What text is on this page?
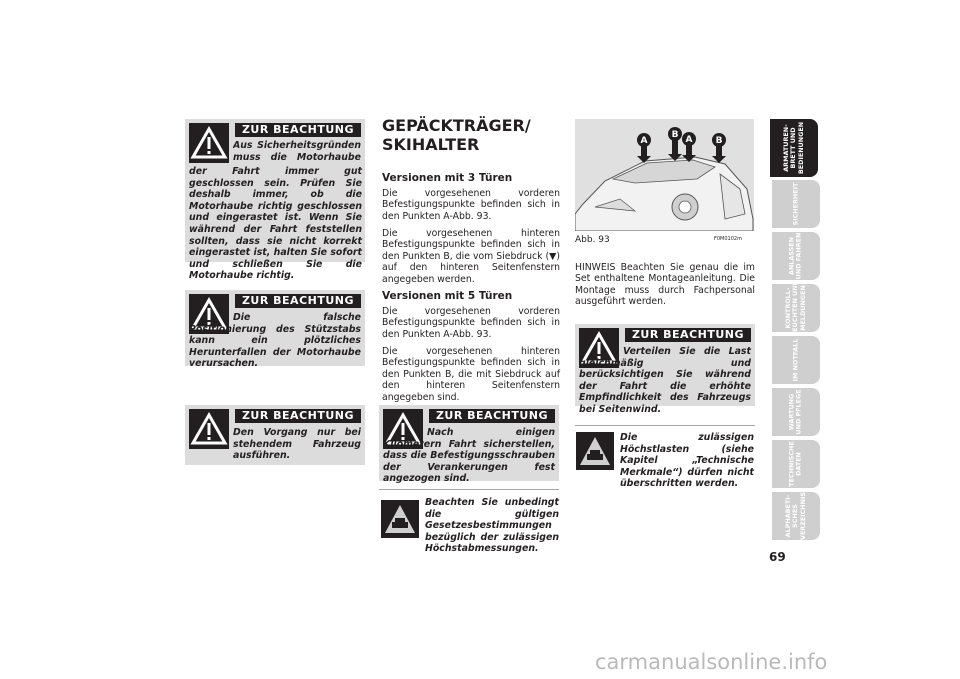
ZUR BEACHTUNG

Aus Sicherheitsgründen muss die Motorhaube

der Fahrt immer gut geschlossen sein. Prüfen Sie deshalb immer, ob die Motorhaube richtig geschlossen und eingerastet ist. Wenn Sie während der Fahrt feststellen sollten, dass sie nicht korrekt eingerastet ist, halten Sie sofort und schließen Sie die Motorhaube richtig.

ZUR BEACHTUNG

Die falsche Positionierung des Stützstabs kann ein plötzliches Herunterfallen der Motorhaube verursachen.

ZUR BEACHTUNG

Den Vorgang nur bei stehendem Fahrzeug ausführen.

GEPÄCKTRÄGER/
SKIHALTER

Versionen mit 3 Türen

Die vorgesehenen vorderen Befestigungspunkte befinden sich in den Punkten A-Abb. 93.

Die vorgesehenen hinteren Befestigungspunkte befinden sich in den Punkten B, die vom Siebdruck (▼) auf den hinteren Seitenfenstern angegeben werden.

Versionen mit 5 Türen

Die vorgesehenen vorderen Befestigungspunkte befinden sich in den Punkten A-Abb. 93.

Die vorgesehenen hinteren Befestigungspunkte befinden sich in den Punkten B, die mit Siebdruck auf den hinteren Seitenfenstern angegeben sind.

ZUR BEACHTUNG

Nach einigen Kilometern Fahrt sicherstellen, dass die Befestigungsschrauben der Verankerungen fest angezogen sind.

Beachten Sie unbedingt die gültigen Gesetzesbestimmungen bezüglich der zulässigen Höchstabmessungen.

A
B A	B

Abb. 93	F0M0102m

HINWEIS Beachten Sie genau die im Set enthaltene Montageanleitung. Die Montage muss durch Fachpersonal ausgeführt werden.

ZUR BEACHTUNG

Verteilen Sie die Last gleichmäßig und berücksichtigen Sie während der Fahrt die erhöhte Empfindlichkeit des Fahrzeugs bei Seitenwind.

Die zulässigen Höchstlasten (siehe Kapitel „Technische Merkmale“) dürfen nicht überschritten werden.

ARMATUREN-
BRETT UND
BEDIENUNGEN
SICHERHEIT
ANLASSEN
UND FAHREN
KONTROLL-
LEUCHTEN UND
MELDUNGEN
IM NOTFALL
WARTUNG
UND PFLEGE
TECHNISCHE
DATEN
ALPHABETI-
SCHES
VERZEICHNIS

69

carmanualsonline.info
